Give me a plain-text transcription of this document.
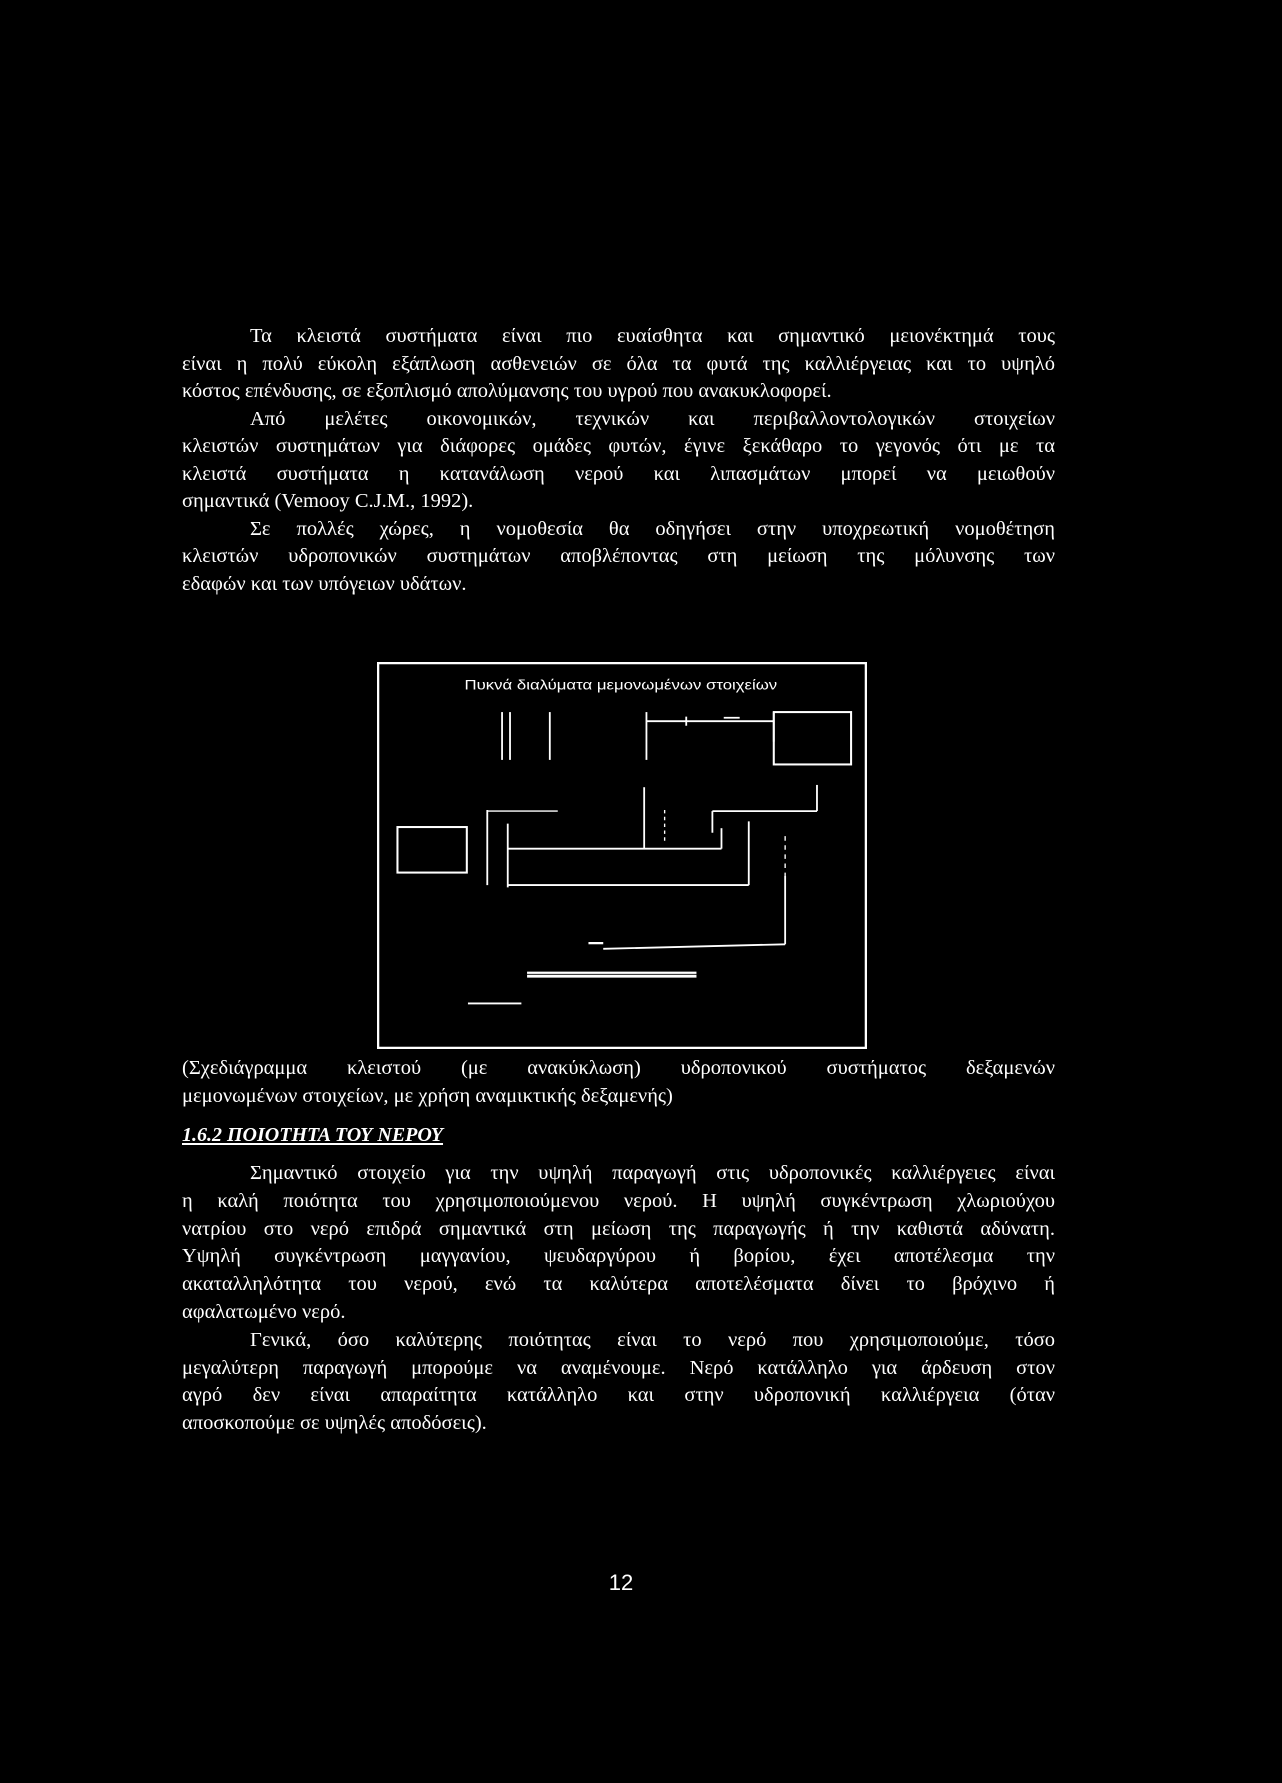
Τα κλειστά συστήματα είναι πιο ευαίσθητα και σημαντικό μειονέκτημά τους
είναι η πολύ εύκολη εξάπλωση ασθενειών σε όλα τα φυτά της καλλιέργειας και το υψηλό
κόστος επένδυσης, σε εξοπλισμό απολύμανσης του υγρού που ανακυκλοφορεί.
Από μελέτες οικονομικών, τεχνικών και περιβαλλοντολογικών στοιχείων
κλειστών συστημάτων για διάφορες ομάδες φυτών, έγινε ξεκάθαρο το γεγονός ότι με τα
κλειστά συστήματα η κατανάλωση νερού και λιπασμάτων μπορεί να μειωθούν
σημαντικά (Vemooy C.J.M., 1992).
Σε πολλές χώρες, η νομοθεσία θα οδηγήσει στην υποχρεωτική νομοθέτηση
κλειστών υδροπονικών συστημάτων αποβλέποντας στη μείωση της μόλυνσης των
εδαφών και των υπόγειων υδάτων.
Πυκνά διαλύματα μεμονωμένων στοιχείων
(Σχεδιάγραμμα κλειστού (με ανακύκλωση) υδροπονικού συστήματος δεξαμενών
μεμονωμένων στοιχείων, με χρήση αναμικτικής δεξαμενής)
1.6.2 ΠΟΙΟΤΗΤΑ ΤΟΥ ΝΕΡΟΥ
Σημαντικό στοιχείο για την υψηλή παραγωγή στις υδροπονικές καλλιέργειες είναι
η καλή ποιότητα του χρησιμοποιούμενου νερού. Η υψηλή συγκέντρωση χλωριούχου
νατρίου στο νερό επιδρά σημαντικά στη μείωση της παραγωγής ή την καθιστά αδύνατη.
Υψηλή συγκέντρωση μαγγανίου, ψευδαργύρου ή βορίου, έχει αποτέλεσμα την
ακαταλληλότητα του νερού, ενώ τα καλύτερα αποτελέσματα δίνει το βρόχινο ή
αφαλατωμένο νερό.
Γενικά, όσο καλύτερης ποιότητας είναι το νερό που χρησιμοποιούμε, τόσο
μεγαλύτερη παραγωγή μπορούμε να αναμένουμε. Νερό κατάλληλο για άρδευση στον
αγρό δεν είναι απαραίτητα κατάλληλο και στην υδροπονική καλλιέργεια (όταν
αποσκοπούμε σε υψηλές αποδόσεις).
12
